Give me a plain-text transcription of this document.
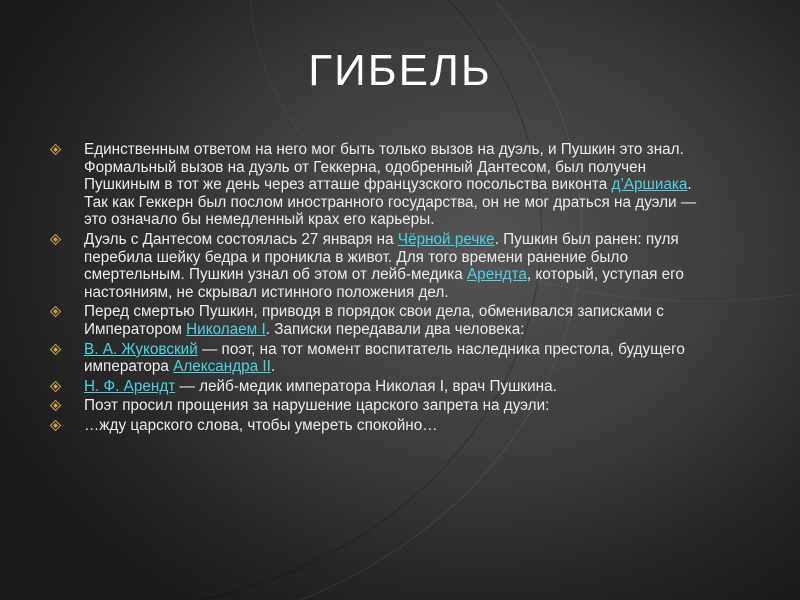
ГИБЕЛЬ
Единственным ответом на него мог быть только вызов на дуэль, и Пушкин это знал. Формальный вызов на дуэль от Геккерна, одобренный Дантесом, был получен Пушкиным в тот же день через атташе французского посольства виконта д’Аршиака. Так как Геккерн был послом иностранного государства, он не мог драться на дуэли — это означало бы немедленный крах его карьеры.
Дуэль с Дантесом состоялась 27 января на Чёрной речке. Пушкин был ранен: пуля перебила шейку бедра и проникла в живот. Для того времени ранение было смертельным. Пушкин узнал об этом от лейб-медика Арендта, который, уступая его настояниям, не скрывал истинного положения дел.
Перед смертью Пушкин, приводя в порядок свои дела, обменивался записками с Императором Николаем I. Записки передавали два человека:
В. А. Жуковский — поэт, на тот момент воспитатель наследника престола, будущего императора Александра II.
Н. Ф. Арендт — лейб-медик императора Николая I, врач Пушкина.
Поэт просил прощения за нарушение царского запрета на дуэли:
…жду царского слова, чтобы умереть спокойно…
